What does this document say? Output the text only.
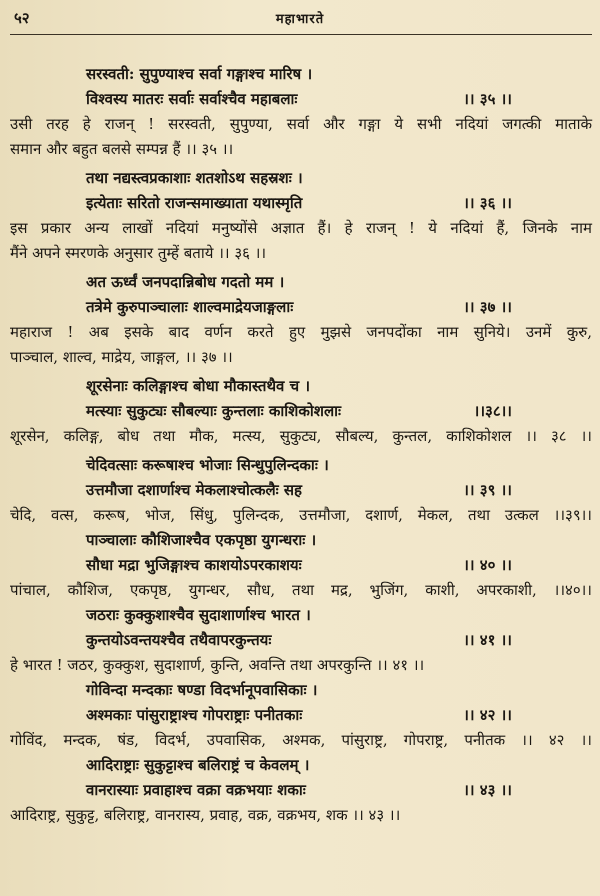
५२	महाभारते
सरस्वती: सुपुण्याश्च सर्वा गङ्गाश्च मारिष ।
विश्वस्य मातरः सर्वाः सर्वाश्चैव महाबलाः	।। ३५ ।।
उसी तरह हे राजन् ! सरस्वती, सुपुण्या, सर्वा और गङ्गा ये सभी नदियां जगत्की माताके
समान और बहुत बलसे सम्पन्न हैं ।। ३५ ।।
तथा नद्यस्त्वप्रकाशाः शतशोऽथ सहस्रशः ।
इत्येताः सरितो राजन्समाख्याता यथास्मृति	।। ३६ ।।
इस प्रकार अन्य लाखों नदियां मनुष्योंसे अज्ञात हैं। हे राजन् ! ये नदियां हैं, जिनके नाम
मैंने अपने स्मरणके अनुसार तुम्हें बताये ।। ३६ ।।
अत ऊर्ध्वं जनपदान्निबोध गदतो मम ।
तत्रेमे कुरुपाञ्चालाः शाल्वमाद्रेयजाङ्गलाः	।। ३७ ।।
महाराज ! अब इसके बाद वर्णन करते हुए मुझसे जनपदोंका नाम सुनिये। उनमें कुरु,
पाञ्चाल, शाल्व, माद्रेय, जाङ्गल, ।। ३७ ।।
शूरसेनाः कलिङ्गाश्च बोधा मौकास्तथैव च ।
मत्स्याः सुकुट्यः सौबल्याः कुन्तलाः काशिकोशलाः	।।३८।।
शूरसेन, कलिङ्ग, बोध तथा मौक, मत्स्य, सुकुट्य, सौबल्य, कुन्तल, काशिकोशल ।। ३८ ।।
चेदिवत्साः करूषाश्च भोजाः सिन्धुपुलिन्दकाः ।
उत्तमौजा दशार्णाश्च मेकलाश्चोत्कलैः सह	।। ३९ ।।
चेदि, वत्स, करूष, भोज, सिंधु, पुलिन्दक, उत्तमौजा, दशार्ण, मेकल, तथा उत्कल ।।३९।।
पाञ्चालाः कौशिजाश्चैव एकपृष्ठा युगन्धराः ।
सौधा मद्रा भुजिङ्गाश्च काशयोऽपरकाशयः	।। ४० ।।
पांचाल, कौशिज, एकपृष्ठ, युगन्धर, सौध, तथा मद्र, भुजिंग, काशी, अपरकाशी, ।।४०।।
जठराः कुक्कुशाश्चैव सुदाशार्णाश्च भारत ।
कुन्तयोऽवन्तयश्चैव तथैवापरकुन्तयः	।। ४१ ।।
हे भारत ! जठर, कुक्कुश, सुदाशार्ण, कुन्ति, अवन्ति तथा अपरकुन्ति ।। ४१ ।।
गोविन्दा मन्दकाः षण्डा विदर्भानूपवासिकाः ।
अश्मकाः पांसुराष्ट्राश्च गोपराष्ट्राः पनीतकाः	।। ४२ ।।
गोविंद, मन्दक, षंड, विदर्भ, उपवासिक, अश्मक, पांसुराष्ट्र, गोपराष्ट्र, पनीतक ।। ४२ ।।
आदिराष्ट्राः सुकुट्टाश्च बलिराष्ट्रं च केवलम् ।
वानरास्याः प्रवाहाश्च वक्रा वक्रभयाः शकाः	।। ४३ ।।
आदिराष्ट्र, सुकुट्ट, बलिराष्ट्र, वानरास्य, प्रवाह, वक्र, वक्रभय, शक ।। ४३ ।।
